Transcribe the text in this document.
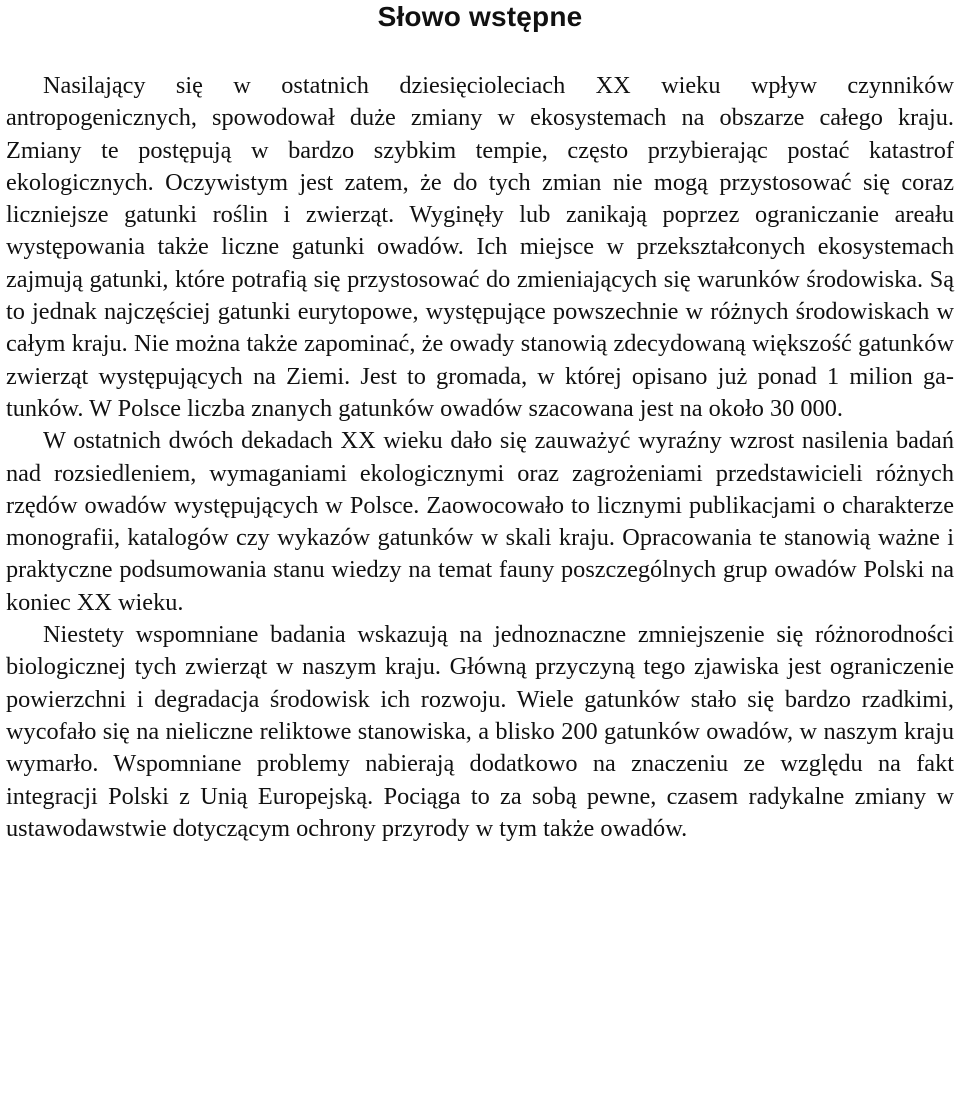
Słowo wstępne

Nasilający się w ostatnich dziesięcioleciach XX wieku wpływ czynników antropogenicznych, spowodował duże zmiany w ekosystemach na obszarze całego kraju. Zmiany te postępują w bardzo szybkim tempie, często przybierając postać katastrof ekologicznych. Oczywistym jest zatem, że do tych zmian nie mogą przystosować się coraz liczniejsze gatunki roślin i zwierząt. Wyginęły lub zanikają poprzez ograniczanie areału występowania także liczne gatunki owadów. Ich miejsce w przekształconych ekosystemach zajmują gatunki, które potrafią się przystosować do zmieniających się warunków środowiska. Są to jednak najczęściej gatunki eurytopowe, występujące powszechnie w różnych środowiskach w całym kraju. Nie można także zapominać, że owady stanowią zdecydowaną większość gatunków zwierząt występujących na Ziemi. Jest to gromada, w której opisano już ponad 1 milion gatunków. W Polsce liczba znanych gatunków owadów szacowana jest na około 30 000.

W ostatnich dwóch dekadach XX wieku dało się zauważyć wyraźny wzrost nasilenia badań nad rozsiedleniem, wymaganiami ekologicznymi oraz zagrożeniami przedstawicieli różnych rzędów owadów występujących w Polsce. Zaowocowało to licznymi publikacjami o charakterze monografii, katalogów czy wykazów gatunków w skali kraju. Opracowania te stanowią ważne i praktyczne podsumowania stanu wiedzy na temat fauny poszczególnych grup owadów Polski na koniec XX wieku.

Niestety wspomniane badania wskazują na jednoznaczne zmniejszenie się różnorodności biologicznej tych zwierząt w naszym kraju. Główną przyczyną tego zjawiska jest ograniczenie powierzchni i degradacja środowisk ich rozwoju. Wiele gatunków stało się bardzo rzadkimi, wycofało się na nieliczne reliktowe stanowiska, a blisko 200 gatunków owadów, w naszym kraju wymarło. Wspomniane problemy nabierają dodatkowo na znaczeniu ze względu na fakt integracji Polski z Unią Europejską. Pociąga to za sobą pewne, czasem radykalne zmiany w ustawodawstwie dotyczącym ochrony przyrody w tym także owadów.
